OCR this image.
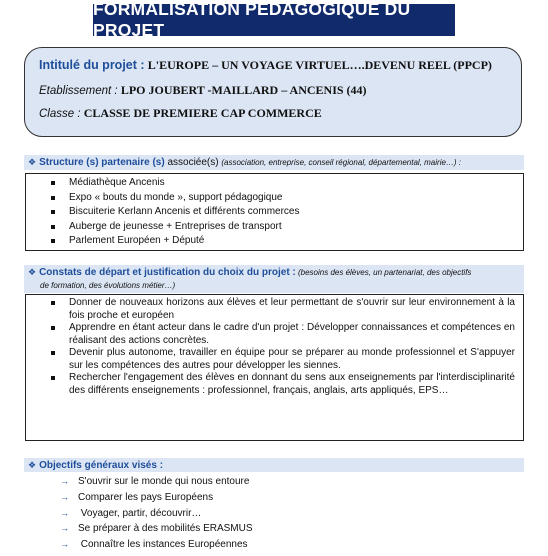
FORMALISATION PEDAGOGIQUE DU PROJET
Intitulé du projet : L'EUROPE – UN VOYAGE VIRTUEL….DEVENU REEL (PPCP)
Etablissement : LPO JOUBERT -MAILLARD – ANCENIS (44)
Classe : CLASSE DE PREMIERE CAP COMMERCE
❖ Structure (s) partenaire (s) associée(s) (association, entreprise, conseil régional, départemental, mairie…) :
Médiathèque Ancenis
Expo « bouts du monde », support pédagogique
Biscuiterie Kerlann Ancenis et différents commerces
Auberge de jeunesse + Entreprises de transport
Parlement Européen + Député
❖ Constats de départ et justification du choix du projet : (besoins des élèves, un partenariat, des objectifs
de formation, des évolutions métier…)
Donner de nouveaux horizons aux élèves et leur permettant de s'ouvrir sur leur environnement à la fois proche et européen
Apprendre en étant acteur dans le cadre d'un projet : Développer connaissances et compétences en réalisant des actions concrètes.
Devenir plus autonome, travailler en équipe pour se préparer au monde professionnel et S'appuyer sur les compétences des autres pour développer les siennes.
Rechercher l'engagement des élèves en donnant du sens aux enseignements par l'interdisciplinarité des différents enseignements : professionnel, français, anglais, arts appliqués, EPS…
❖ Objectifs généraux visés :
→ S'ouvrir sur le monde qui nous entoure
→ Comparer les pays Européens
→ Voyager, partir, découvrir…
→ Se préparer à des mobilités ERASMUS
→ Connaître les instances Européennes
